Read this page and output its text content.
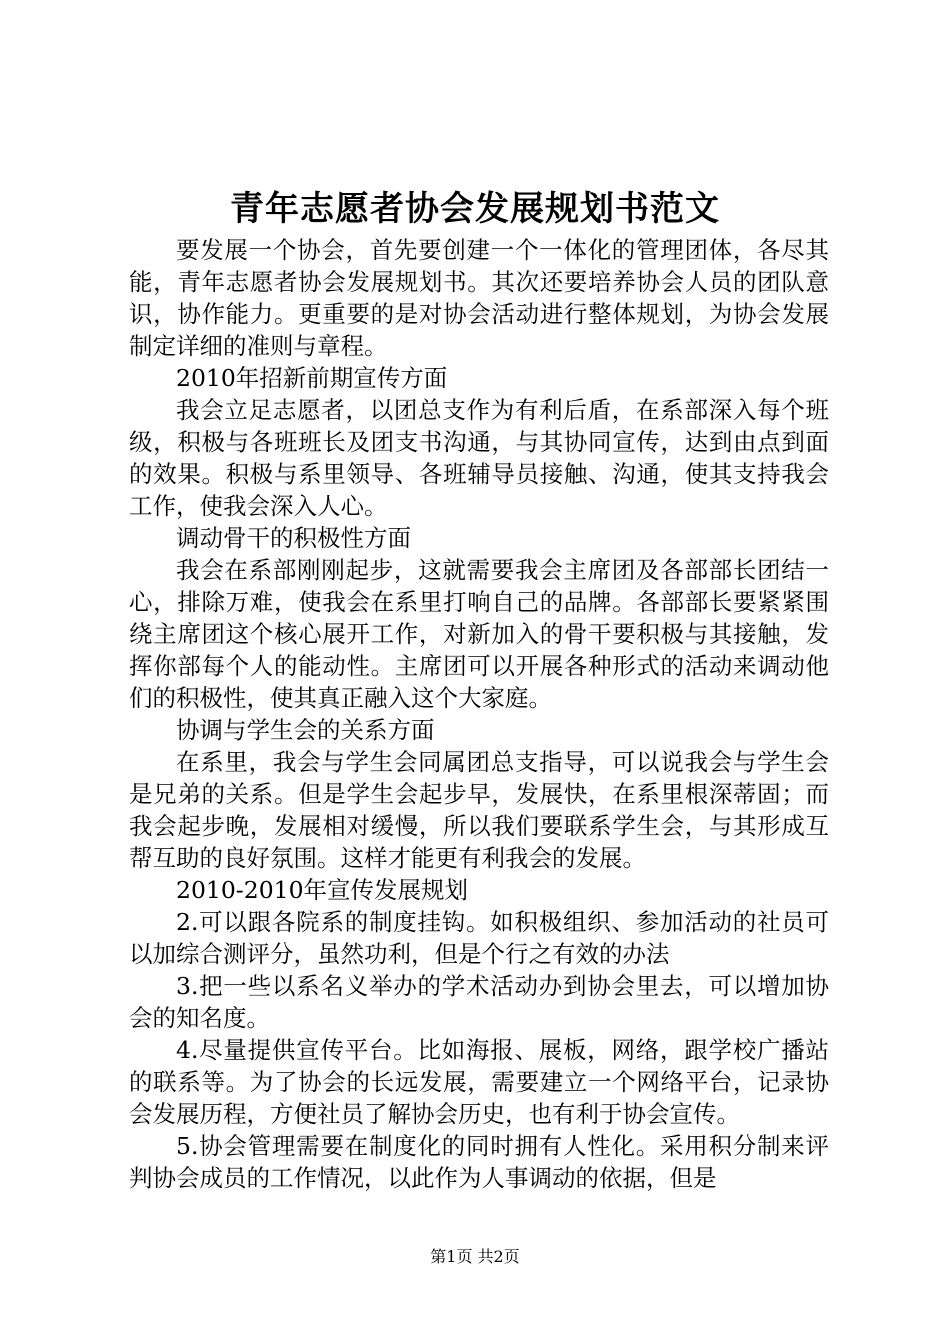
青年志愿者协会发展规划书范文

要发展一个协会，首先要创建一个一体化的管理团体，各尽其能，青年志愿者协会发展规划书。其次还要培养协会人员的团队意识，协作能力。更重要的是对协会活动进行整体规划，为协会发展制定详细的准则与章程。

2010年招新前期宣传方面

我会立足志愿者，以团总支作为有利后盾，在系部深入每个班级，积极与各班班长及团支书沟通，与其协同宣传，达到由点到面的效果。积极与系里领导、各班辅导员接触、沟通，使其支持我会工作，使我会深入人心。

调动骨干的积极性方面

我会在系部刚刚起步，这就需要我会主席团及各部部长团结一心，排除万难，使我会在系里打响自己的品牌。各部部长要紧紧围绕主席团这个核心展开工作，对新加入的骨干要积极与其接触，发挥你部每个人的能动性。主席团可以开展各种形式的活动来调动他们的积极性，使其真正融入这个大家庭。

协调与学生会的关系方面

在系里，我会与学生会同属团总支指导，可以说我会与学生会是兄弟的关系。但是学生会起步早，发展快，在系里根深蒂固；而我会起步晚，发展相对缓慢，所以我们要联系学生会，与其形成互帮互助的良好氛围。这样才能更有利我会的发展。

2010-2010年宣传发展规划

2.可以跟各院系的制度挂钩。如积极组织、参加活动的社员可以加综合测评分，虽然功利，但是个行之有效的办法

3.把一些以系名义举办的学术活动办到协会里去，可以增加协会的知名度。

4.尽量提供宣传平台。比如海报、展板，网络，跟学校广播站的联系等。为了协会的长远发展，需要建立一个网络平台，记录协会发展历程，方便社员了解协会历史，也有利于协会宣传。

5.协会管理需要在制度化的同时拥有人性化。采用积分制来评判协会成员的工作情况，以此作为人事调动的依据，但是

第1页 共2页
